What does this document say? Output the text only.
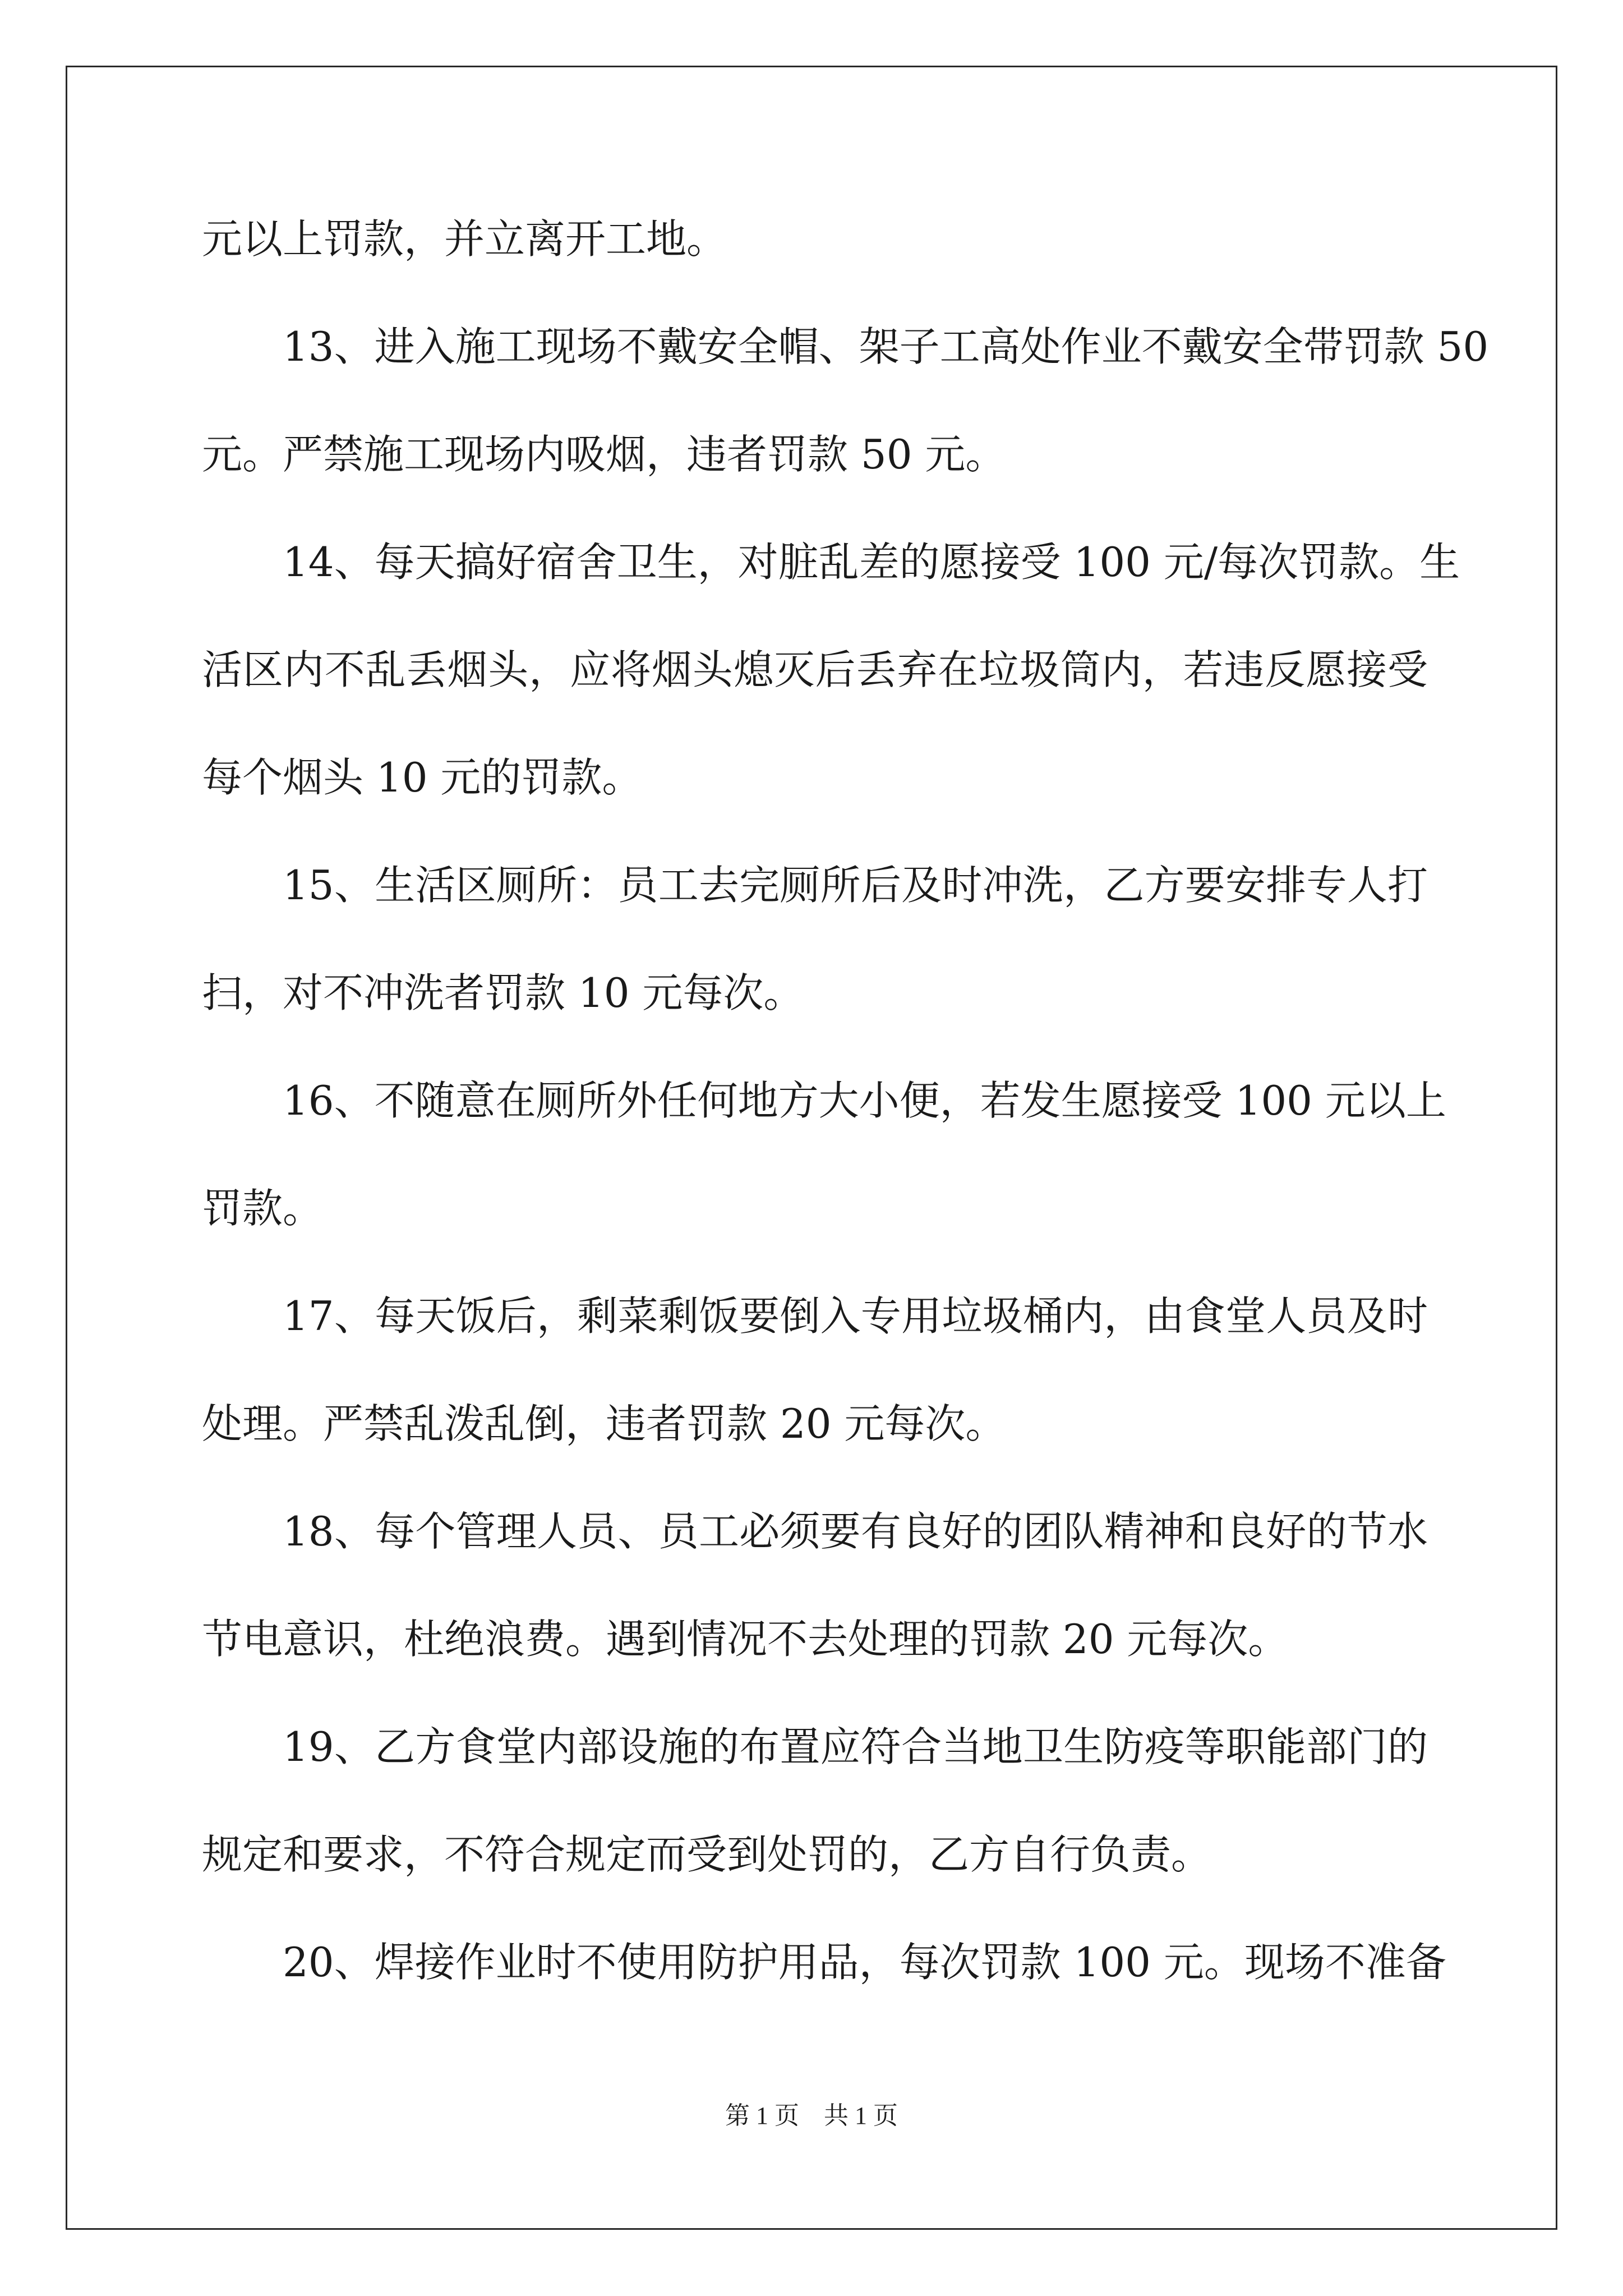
元以上罚款，并立离开工地。
13、进入施工现场不戴安全帽、架子工高处作业不戴安全带罚款 50
元。严禁施工现场内吸烟，违者罚款 50 元。
14、每天搞好宿舍卫生，对脏乱差的愿接受 100 元/每次罚款。生
活区内不乱丢烟头，应将烟头熄灭后丢弃在垃圾筒内，若违反愿接受
每个烟头 10 元的罚款。
15、生活区厕所：员工去完厕所后及时冲洗，乙方要安排专人打
扫，对不冲洗者罚款 10 元每次。
16、不随意在厕所外任何地方大小便，若发生愿接受 100 元以上
罚款。
17、每天饭后，剩菜剩饭要倒入专用垃圾桶内，由食堂人员及时
处理。严禁乱泼乱倒，违者罚款 20 元每次。
18、每个管理人员、员工必须要有良好的团队精神和良好的节水
节电意识，杜绝浪费。遇到情况不去处理的罚款 20 元每次。
19、乙方食堂内部设施的布置应符合当地卫生防疫等职能部门的
规定和要求，不符合规定而受到处罚的，乙方自行负责。
20、焊接作业时不使用防护用品，每次罚款 100 元。现场不准备
第 1 页　共 1 页
